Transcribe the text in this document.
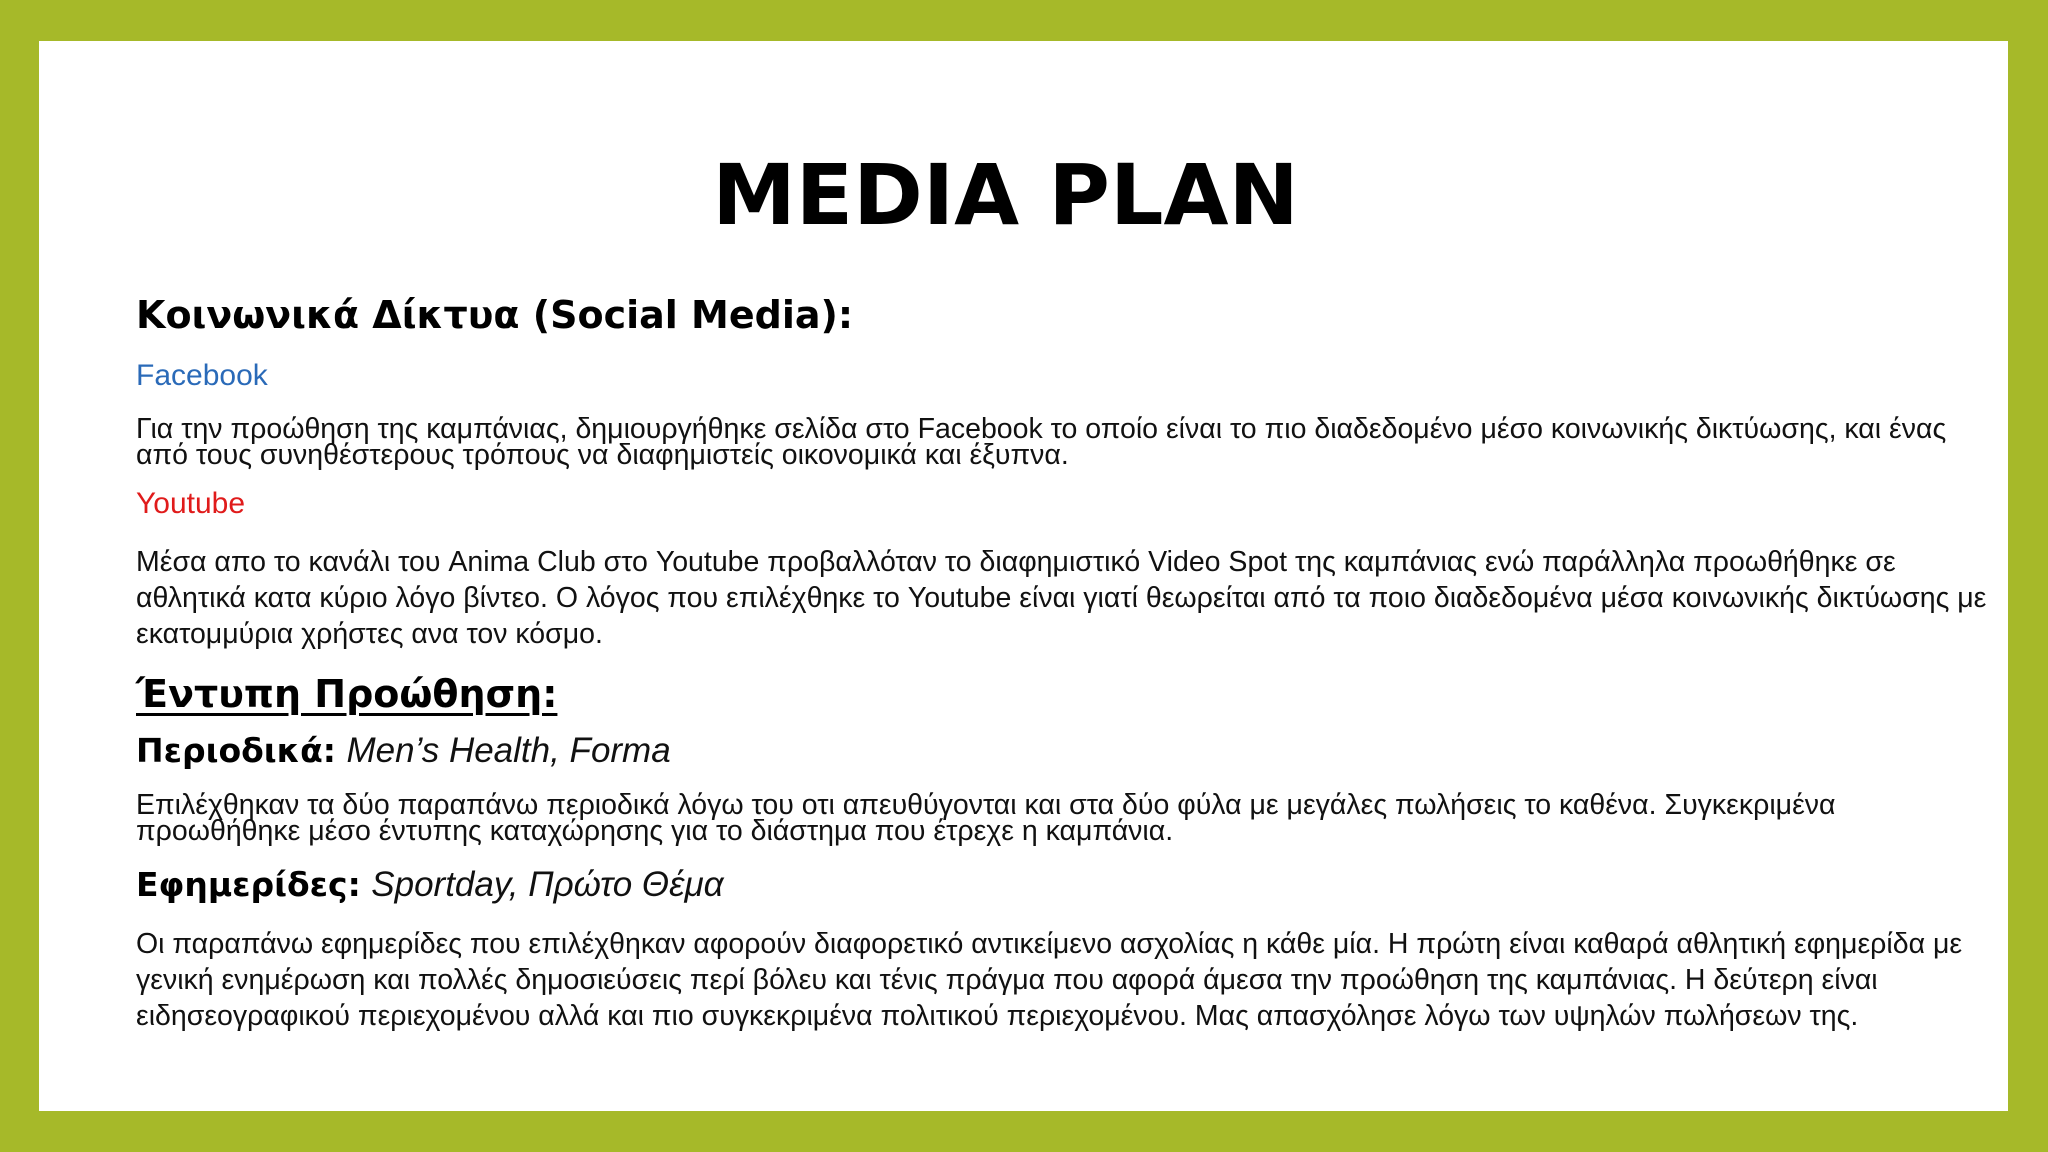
MEDIA PLAN
Κοινωνικά Δίκτυα (Social Media):

Facebook

Για την προώθηση της καμπάνιας, δημιουργήθηκε σελίδα στο Facebook το οποίο είναι το πιο διαδεδομένο μέσο κοινωνικής δικτύωσης, και ένας από τους συνηθέστερους τρόπους να διαφημιστείς οικονομικά και έξυπνα.

Youtube

Μέσα απο το κανάλι του Anima Club στο Youtube προβαλλόταν το διαφημιστικό Video Spot της καμπάνιας ενώ παράλληλα προωθήθηκε σε αθλητικά κατα κύριο λόγο βίντεο. Ο λόγος που επιλέχθηκε το Youtube είναι γιατί θεωρείται από τα ποιο διαδεδομένα μέσα κοινωνικής δικτύωσης με εκατομμύρια χρήστες ανα τον κόσμο.

Έντυπη Προώθηση:

Περιοδικά: Men’s Health, Forma

Επιλέχθηκαν τα δύο παραπάνω περιοδικά λόγω του οτι απευθύγονται και στα δύο φύλα με μεγάλες πωλήσεις το καθένα. Συγκεκριμένα προωθήθηκε μέσο έντυπης καταχώρησης για το διάστημα που έτρεχε η καμπάνια.

Εφημερίδες: Sportday, Πρώτο Θέμα

Οι παραπάνω εφημερίδες που επιλέχθηκαν αφορούν διαφορετικό αντικείμενο ασχολίας η κάθε μία. Η πρώτη είναι καθαρά αθλητική εφημερίδα με γενική ενημέρωση και πολλές δημοσιεύσεις περί βόλευ και τένις πράγμα που αφορά άμεσα την προώθηση της καμπάνιας. Η δεύτερη είναι ειδησεογραφικού περιεχομένου αλλά και πιο συγκεκριμένα πολιτικού περιεχομένου. Μας απασχόλησε λόγω των υψηλών πωλήσεων της.
